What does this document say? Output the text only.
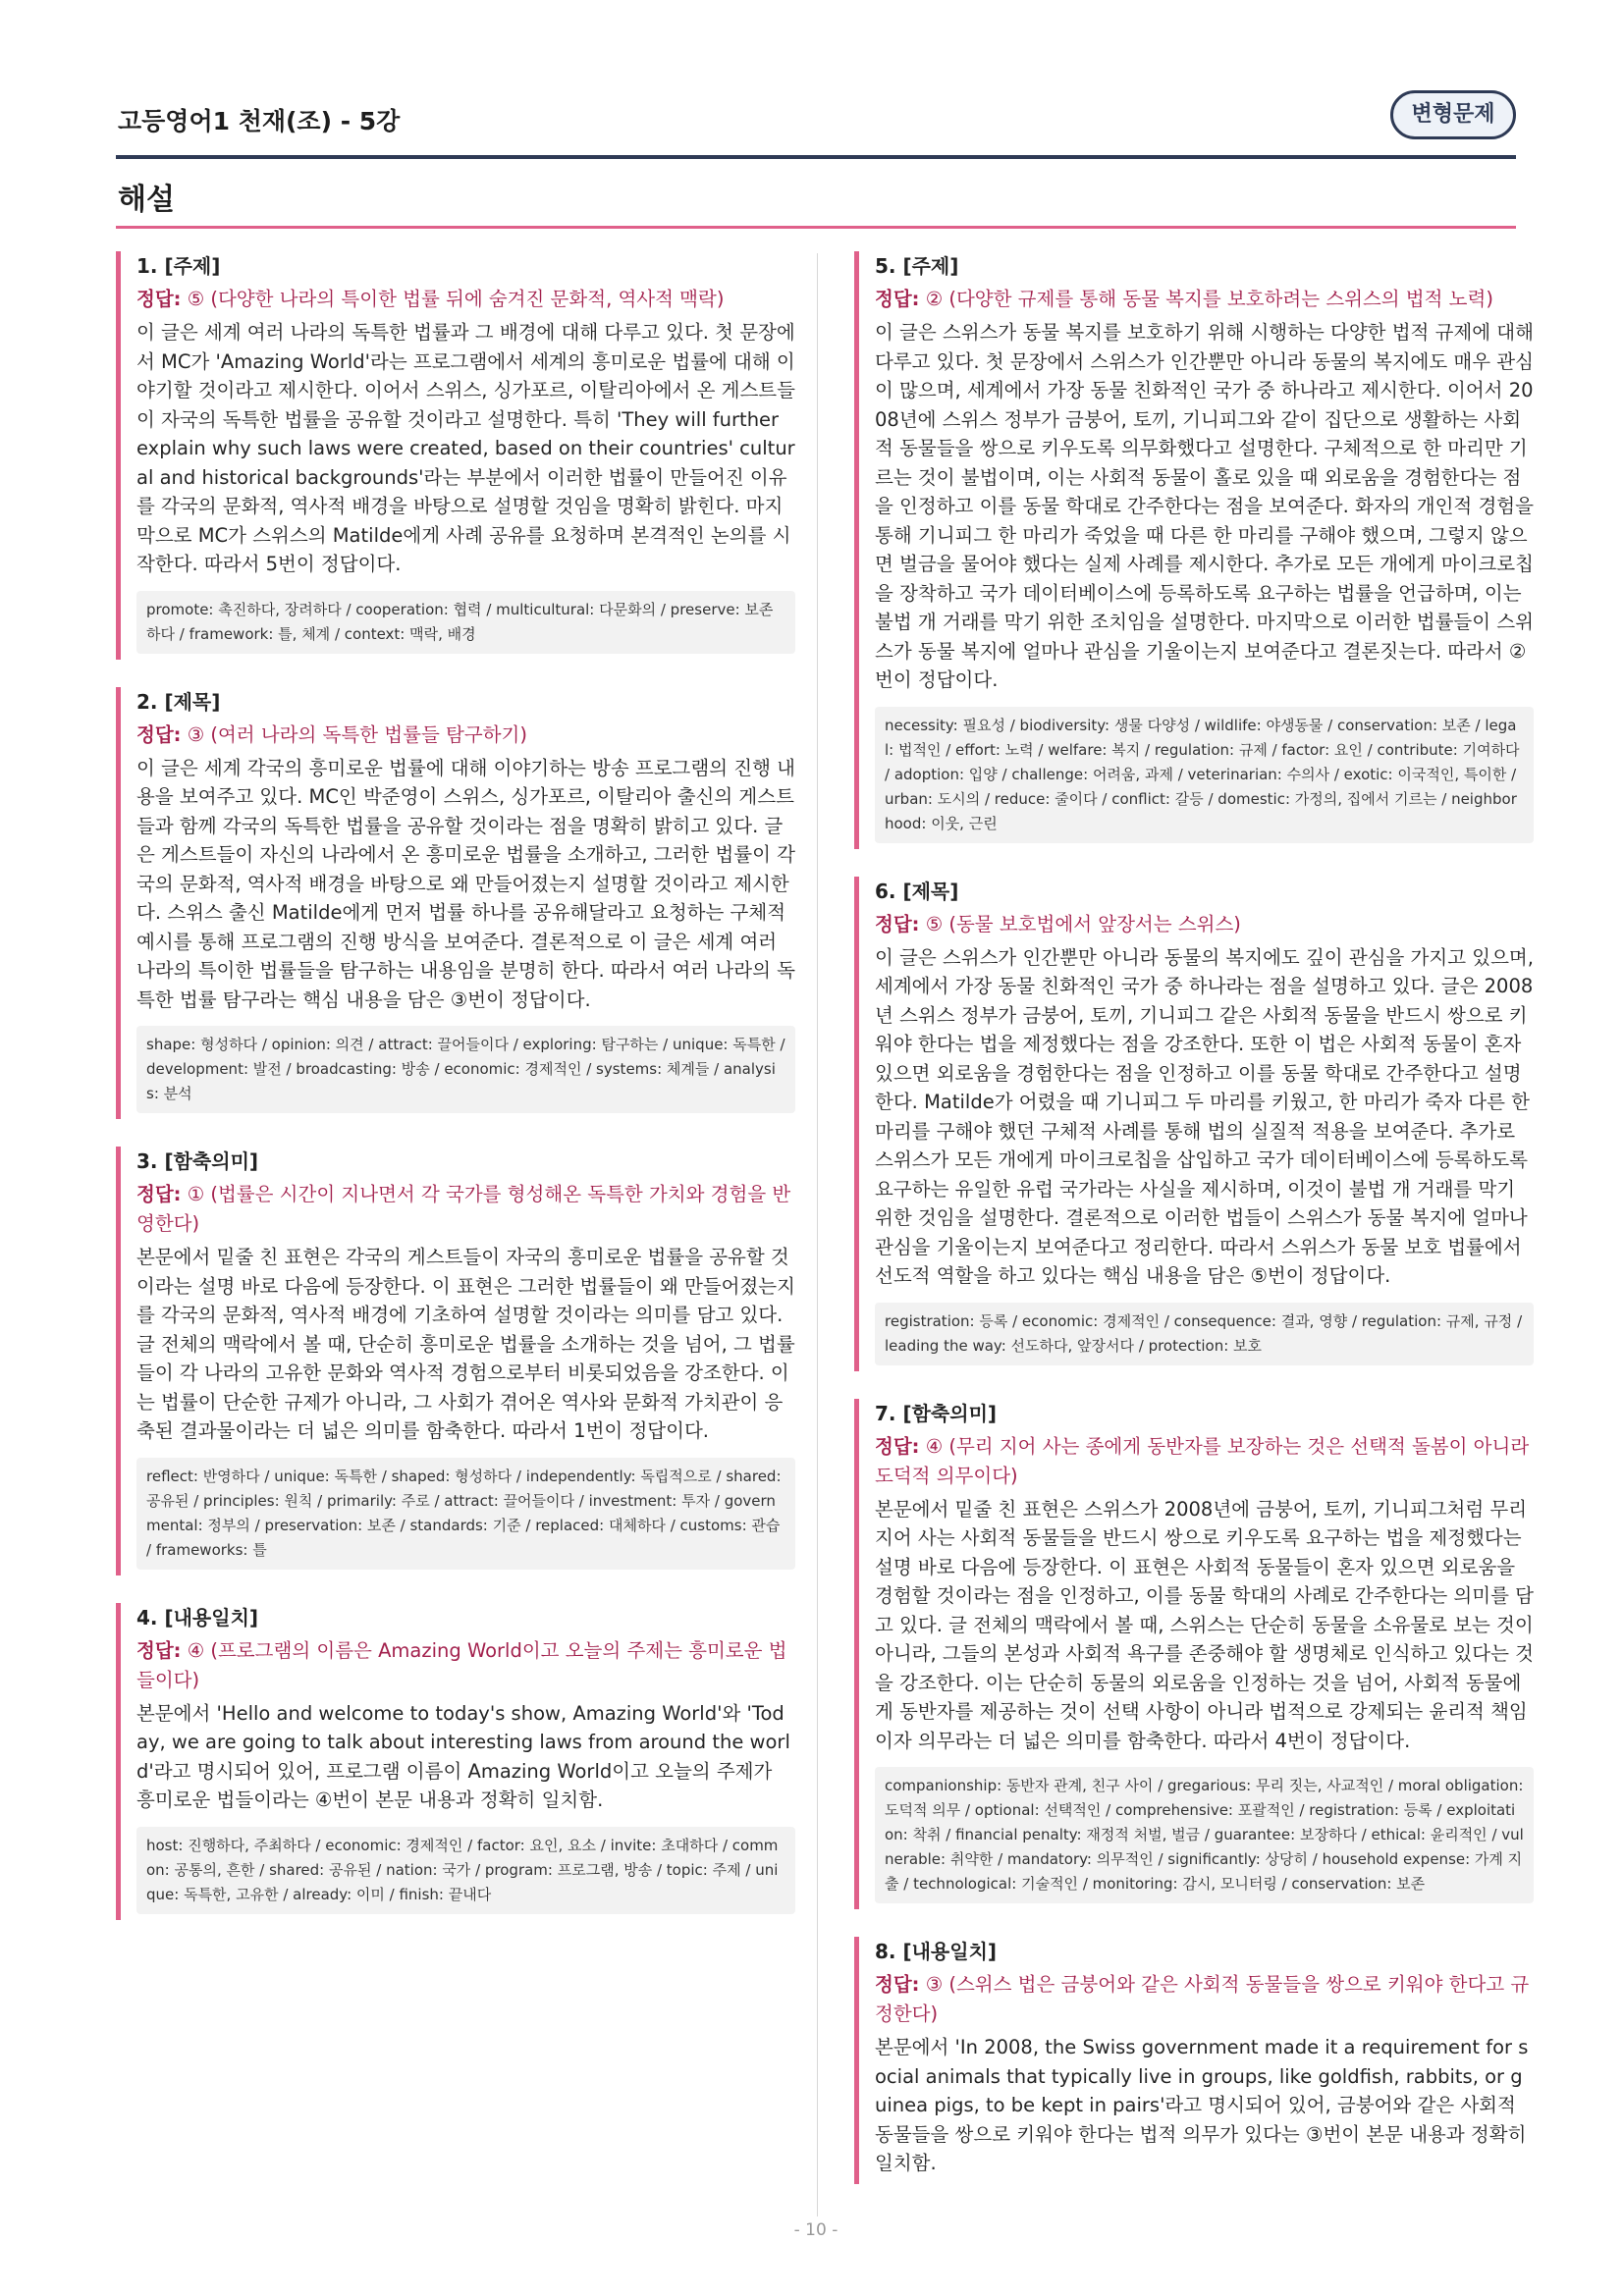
고등영어1 천재(조) - 5강	변형문제
해설
1. [주제]
정답: ⑤ (다양한 나라의 특이한 법률 뒤에 숨겨진 문화적, 역사적 맥락)
이 글은 세계 여러 나라의 독특한 법률과 그 배경에 대해 다루고 있다. 첫 문장에서 MC가 'Amazing World'라는 프로그램에서 세계의 흥미로운 법률에 대해 이야기할 것이라고 제시한다. 이어서 스위스, 싱가포르, 이탈리아에서 온 게스트들이 자국의 독특한 법률을 공유할 것이라고 설명한다. 특히 'They will further explain why such laws were created, based on their countries' cultural and historical backgrounds'라는 부분에서 이러한 법률이 만들어진 이유를 각국의 문화적, 역사적 배경을 바탕으로 설명할 것임을 명확히 밝힌다. 마지막으로 MC가 스위스의 Matilde에게 사례 공유를 요청하며 본격적인 논의를 시작한다. 따라서 5번이 정답이다.
promote: 촉진하다, 장려하다 / cooperation: 협력 / multicultural: 다문화의 / preserve: 보존하다 / framework: 틀, 체계 / context: 맥락, 배경
2. [제목]
정답: ③ (여러 나라의 독특한 법률들 탐구하기)
이 글은 세계 각국의 흥미로운 법률에 대해 이야기하는 방송 프로그램의 진행 내용을 보여주고 있다. MC인 박준영이 스위스, 싱가포르, 이탈리아 출신의 게스트들과 함께 각국의 독특한 법률을 공유할 것이라는 점을 명확히 밝히고 있다. 글은 게스트들이 자신의 나라에서 온 흥미로운 법률을 소개하고, 그러한 법률이 각국의 문화적, 역사적 배경을 바탕으로 왜 만들어졌는지 설명할 것이라고 제시한다. 스위스 출신 Matilde에게 먼저 법률 하나를 공유해달라고 요청하는 구체적 예시를 통해 프로그램의 진행 방식을 보여준다. 결론적으로 이 글은 세계 여러 나라의 특이한 법률들을 탐구하는 내용임을 분명히 한다. 따라서 여러 나라의 독특한 법률 탐구라는 핵심 내용을 담은 ③번이 정답이다.
shape: 형성하다 / opinion: 의견 / attract: 끌어들이다 / exploring: 탐구하는 / unique: 독특한 / development: 발전 / broadcasting: 방송 / economic: 경제적인 / systems: 체계들 / analysis: 분석
3. [함축의미]
정답: ① (법률은 시간이 지나면서 각 국가를 형성해온 독특한 가치와 경험을 반영한다)
본문에서 밑줄 친 표현은 각국의 게스트들이 자국의 흥미로운 법률을 공유할 것이라는 설명 바로 다음에 등장한다. 이 표현은 그러한 법률들이 왜 만들어졌는지를 각국의 문화적, 역사적 배경에 기초하여 설명할 것이라는 의미를 담고 있다. 글 전체의 맥락에서 볼 때, 단순히 흥미로운 법률을 소개하는 것을 넘어, 그 법률들이 각 나라의 고유한 문화와 역사적 경험으로부터 비롯되었음을 강조한다. 이는 법률이 단순한 규제가 아니라, 그 사회가 겪어온 역사와 문화적 가치관이 응축된 결과물이라는 더 넓은 의미를 함축한다. 따라서 1번이 정답이다.
reflect: 반영하다 / unique: 독특한 / shaped: 형성하다 / independently: 독립적으로 / shared: 공유된 / principles: 원칙 / primarily: 주로 / attract: 끌어들이다 / investment: 투자 / governmental: 정부의 / preservation: 보존 / standards: 기준 / replaced: 대체하다 / customs: 관습 / frameworks: 틀
4. [내용일치]
정답: ④ (프로그램의 이름은 Amazing World이고 오늘의 주제는 흥미로운 법들이다)
본문에서 'Hello and welcome to today's show, Amazing World'와 'Today, we are going to talk about interesting laws from around the world'라고 명시되어 있어, 프로그램 이름이 Amazing World이고 오늘의 주제가 흥미로운 법들이라는 ④번이 본문 내용과 정확히 일치함.
host: 진행하다, 주최하다 / economic: 경제적인 / factor: 요인, 요소 / invite: 초대하다 / common: 공통의, 흔한 / shared: 공유된 / nation: 국가 / program: 프로그램, 방송 / topic: 주제 / unique: 독특한, 고유한 / already: 이미 / finish: 끝내다
5. [주제]
정답: ② (다양한 규제를 통해 동물 복지를 보호하려는 스위스의 법적 노력)
이 글은 스위스가 동물 복지를 보호하기 위해 시행하는 다양한 법적 규제에 대해 다루고 있다. 첫 문장에서 스위스가 인간뿐만 아니라 동물의 복지에도 매우 관심이 많으며, 세계에서 가장 동물 친화적인 국가 중 하나라고 제시한다. 이어서 2008년에 스위스 정부가 금붕어, 토끼, 기니피그와 같이 집단으로 생활하는 사회적 동물들을 쌍으로 키우도록 의무화했다고 설명한다. 구체적으로 한 마리만 기르는 것이 불법이며, 이는 사회적 동물이 홀로 있을 때 외로움을 경험한다는 점을 인정하고 이를 동물 학대로 간주한다는 점을 보여준다. 화자의 개인적 경험을 통해 기니피그 한 마리가 죽었을 때 다른 한 마리를 구해야 했으며, 그렇지 않으면 벌금을 물어야 했다는 실제 사례를 제시한다. 추가로 모든 개에게 마이크로칩을 장착하고 국가 데이터베이스에 등록하도록 요구하는 법률을 언급하며, 이는 불법 개 거래를 막기 위한 조치임을 설명한다. 마지막으로 이러한 법률들이 스위스가 동물 복지에 얼마나 관심을 기울이는지 보여준다고 결론짓는다. 따라서 ②번이 정답이다.
necessity: 필요성 / biodiversity: 생물 다양성 / wildlife: 야생동물 / conservation: 보존 / legal: 법적인 / effort: 노력 / welfare: 복지 / regulation: 규제 / factor: 요인 / contribute: 기여하다 / adoption: 입양 / challenge: 어려움, 과제 / veterinarian: 수의사 / exotic: 이국적인, 특이한 / urban: 도시의 / reduce: 줄이다 / conflict: 갈등 / domestic: 가정의, 집에서 기르는 / neighborhood: 이웃, 근린
6. [제목]
정답: ⑤ (동물 보호법에서 앞장서는 스위스)
이 글은 스위스가 인간뿐만 아니라 동물의 복지에도 깊이 관심을 가지고 있으며, 세계에서 가장 동물 친화적인 국가 중 하나라는 점을 설명하고 있다. 글은 2008년 스위스 정부가 금붕어, 토끼, 기니피그 같은 사회적 동물을 반드시 쌍으로 키워야 한다는 법을 제정했다는 점을 강조한다. 또한 이 법은 사회적 동물이 혼자 있으면 외로움을 경험한다는 점을 인정하고 이를 동물 학대로 간주한다고 설명한다. Matilde가 어렸을 때 기니피그 두 마리를 키웠고, 한 마리가 죽자 다른 한 마리를 구해야 했던 구체적 사례를 통해 법의 실질적 적용을 보여준다. 추가로 스위스가 모든 개에게 마이크로칩을 삽입하고 국가 데이터베이스에 등록하도록 요구하는 유일한 유럽 국가라는 사실을 제시하며, 이것이 불법 개 거래를 막기 위한 것임을 설명한다. 결론적으로 이러한 법들이 스위스가 동물 복지에 얼마나 관심을 기울이는지 보여준다고 정리한다. 따라서 스위스가 동물 보호 법률에서 선도적 역할을 하고 있다는 핵심 내용을 담은 ⑤번이 정답이다.
registration: 등록 / economic: 경제적인 / consequence: 결과, 영향 / regulation: 규제, 규정 / leading the way: 선도하다, 앞장서다 / protection: 보호
7. [함축의미]
정답: ④ (무리 지어 사는 종에게 동반자를 보장하는 것은 선택적 돌봄이 아니라 도덕적 의무이다)
본문에서 밑줄 친 표현은 스위스가 2008년에 금붕어, 토끼, 기니피그처럼 무리 지어 사는 사회적 동물들을 반드시 쌍으로 키우도록 요구하는 법을 제정했다는 설명 바로 다음에 등장한다. 이 표현은 사회적 동물들이 혼자 있으면 외로움을 경험할 것이라는 점을 인정하고, 이를 동물 학대의 사례로 간주한다는 의미를 담고 있다. 글 전체의 맥락에서 볼 때, 스위스는 단순히 동물을 소유물로 보는 것이 아니라, 그들의 본성과 사회적 욕구를 존중해야 할 생명체로 인식하고 있다는 것을 강조한다. 이는 단순히 동물의 외로움을 인정하는 것을 넘어, 사회적 동물에게 동반자를 제공하는 것이 선택 사항이 아니라 법적으로 강제되는 윤리적 책임이자 의무라는 더 넓은 의미를 함축한다. 따라서 4번이 정답이다.
companionship: 동반자 관계, 친구 사이 / gregarious: 무리 짓는, 사교적인 / moral obligation: 도덕적 의무 / optional: 선택적인 / comprehensive: 포괄적인 / registration: 등록 / exploitation: 착취 / financial penalty: 재정적 처벌, 벌금 / guarantee: 보장하다 / ethical: 윤리적인 / vulnerable: 취약한 / mandatory: 의무적인 / significantly: 상당히 / household expense: 가계 지출 / technological: 기술적인 / monitoring: 감시, 모니터링 / conservation: 보존
8. [내용일치]
정답: ③ (스위스 법은 금붕어와 같은 사회적 동물들을 쌍으로 키워야 한다고 규정한다)
본문에서 'In 2008, the Swiss government made it a requirement for social animals that typically live in groups, like goldfish, rabbits, or guinea pigs, to be kept in pairs'라고 명시되어 있어, 금붕어와 같은 사회적 동물들을 쌍으로 키워야 한다는 법적 의무가 있다는 ③번이 본문 내용과 정확히 일치함.
- 10 -
